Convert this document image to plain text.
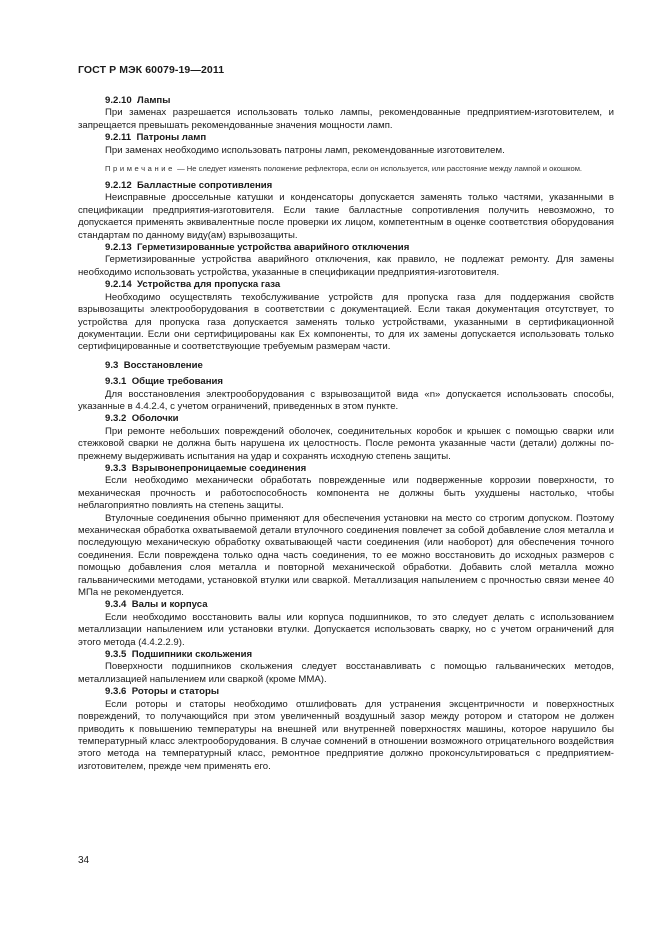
ГОСТ Р МЭК 60079-19—2011
9.2.10 Лампы

При заменах разрешается использовать только лампы, рекомендованные предприятием-изготовителем, и запрещается превышать рекомендованные значения мощности ламп.

9.2.11 Патроны ламп

При заменах необходимо использовать патроны ламп, рекомендованные изготовителем.

Примечание — Не следует изменять положение рефлектора, если он используется, или расстояние между лампой и окошком.

9.2.12 Балластные сопротивления

Неисправные дроссельные катушки и конденсаторы допускается заменять только частями, указанными в спецификации предприятия-изготовителя. Если такие балластные сопротивления получить невозможно, то допускается применять эквивалентные после проверки их лицом, компетентным в оценке соответствия оборудования стандартам по данному виду(ам) взрывозащиты.

9.2.13 Герметизированные устройства аварийного отключения

Герметизированные устройства аварийного отключения, как правило, не подлежат ремонту. Для замены необходимо использовать устройства, указанные в спецификации предприятия-изготовителя.

9.2.14 Устройства для пропуска газа

Необходимо осуществлять техобслуживание устройств для пропуска газа для поддержания свойств взрывозащиты электрооборудования в соответствии с документацией. Если такая документация отсутствует, то устройства для пропуска газа допускается заменять только устройствами, указанными в сертификационной документации. Если они сертифицированы как Ex компоненты, то для их замены допускается использовать только сертифицированные и соответствующие требуемым размерам части.

9.3 Восстановление
9.3.1 Общие требования

Для восстановления электрооборудования с взрывозащитой вида «n» допускается использовать способы, указанные в 4.4.2.4, с учетом ограничений, приведенных в этом пункте.

9.3.2 Оболочки

При ремонте небольших повреждений оболочек, соединительных коробок и крышек с помощью сварки или стежковой сварки не должна быть нарушена их целостность. После ремонта указанные части (детали) должны по-прежнему выдерживать испытания на удар и сохранять исходную степень защиты.

9.3.3 Взрывонепроницаемые соединения

Если необходимо механически обработать поврежденные или подверженные коррозии поверхности, то механическая прочность и работоспособность компонента не должны быть ухудшены настолько, чтобы неблагоприятно повлиять на степень защиты.

Втулочные соединения обычно применяют для обеспечения установки на место со строгим допуском. Поэтому механическая обработка охватываемой детали втулочного соединения повлечет за собой добавление слоя металла и последующую механическую обработку охватывающей части соединения (или наоборот) для обеспечения точного соединения. Если повреждена только одна часть соединения, то ее можно восстановить до исходных размеров с помощью добавления слоя металла и повторной механической обработки. Добавить слой металла можно гальваническими методами, установкой втулки или сваркой. Металлизация напылением с прочностью связи менее 40 МПа не рекомендуется.

9.3.4 Валы и корпуса

Если необходимо восстановить валы или корпуса подшипников, то это следует делать с использованием металлизации напылением или установки втулки. Допускается использовать сварку, но с учетом ограничений для этого метода (4.4.2.2.9).

9.3.5 Подшипники скольжения

Поверхности подшипников скольжения следует восстанавливать с помощью гальванических методов, металлизацией напылением или сваркой (кроме ММА).

9.3.6 Роторы и статоры

Если роторы и статоры необходимо отшлифовать для устранения эксцентричности и поверхностных повреждений, то получающийся при этом увеличенный воздушный зазор между ротором и статором не должен приводить к повышению температуры на внешней или внутренней поверхностях машины, которое нарушило бы температурный класс электрооборудования. В случае сомнений в отношении возможного отрицательного воздействия этого метода на температурный класс, ремонтное предприятие должно проконсультироваться с предприятием-изготовителем, прежде чем применять его.

34
